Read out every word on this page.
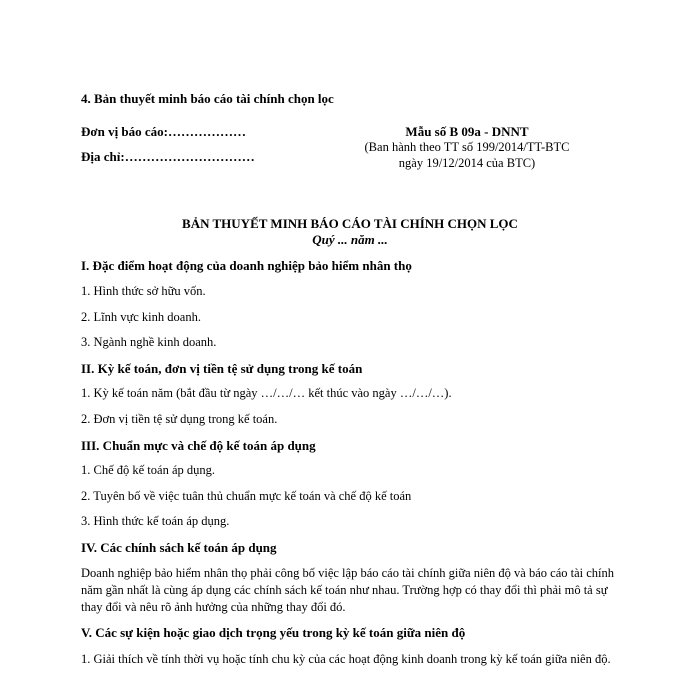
4. Bản thuyết minh báo cáo tài chính chọn lọc
Đơn vị báo cáo:………………
Địa chỉ:…………………………
Mẫu số B 09a - DNNT
(Ban hành theo TT số 199/2014/TT-BTC
ngày 19/12/2014 của BTC)
BẢN THUYẾT MINH BÁO CÁO TÀI CHÍNH CHỌN LỌC
Quý ... năm ...
I. Đặc điểm hoạt động của doanh nghiệp bảo hiểm nhân thọ
1. Hình thức sở hữu vốn.
2. Lĩnh vực kinh doanh.
3. Ngành nghề kinh doanh.
II. Kỳ kế toán, đơn vị tiền tệ sử dụng trong kế toán
1. Kỳ kế toán năm (bắt đầu từ ngày …/…/… kết thúc vào ngày …/…/…).
2. Đơn vị tiền tệ sử dụng trong kế toán.
III. Chuẩn mực và chế độ kế toán áp dụng
1. Chế độ kế toán áp dụng.
2. Tuyên bố về việc tuân thủ chuẩn mực kế toán và chế độ kế toán
3. Hình thức kế toán áp dụng.
IV. Các chính sách kế toán áp dụng
Doanh nghiệp bảo hiểm nhân thọ phải công bố việc lập báo cáo tài chính giữa niên độ và báo cáo tài chính năm gần nhất là cùng áp dụng các chính sách kế toán như nhau. Trường hợp có thay đổi thì phải mô tả sự thay đổi và nêu rõ ảnh hưởng của những thay đổi đó.
V. Các sự kiện hoặc giao dịch trọng yếu trong kỳ kế toán giữa niên độ
1. Giải thích về tính thời vụ hoặc tính chu kỳ của các hoạt động kinh doanh trong kỳ kế toán giữa niên độ.
